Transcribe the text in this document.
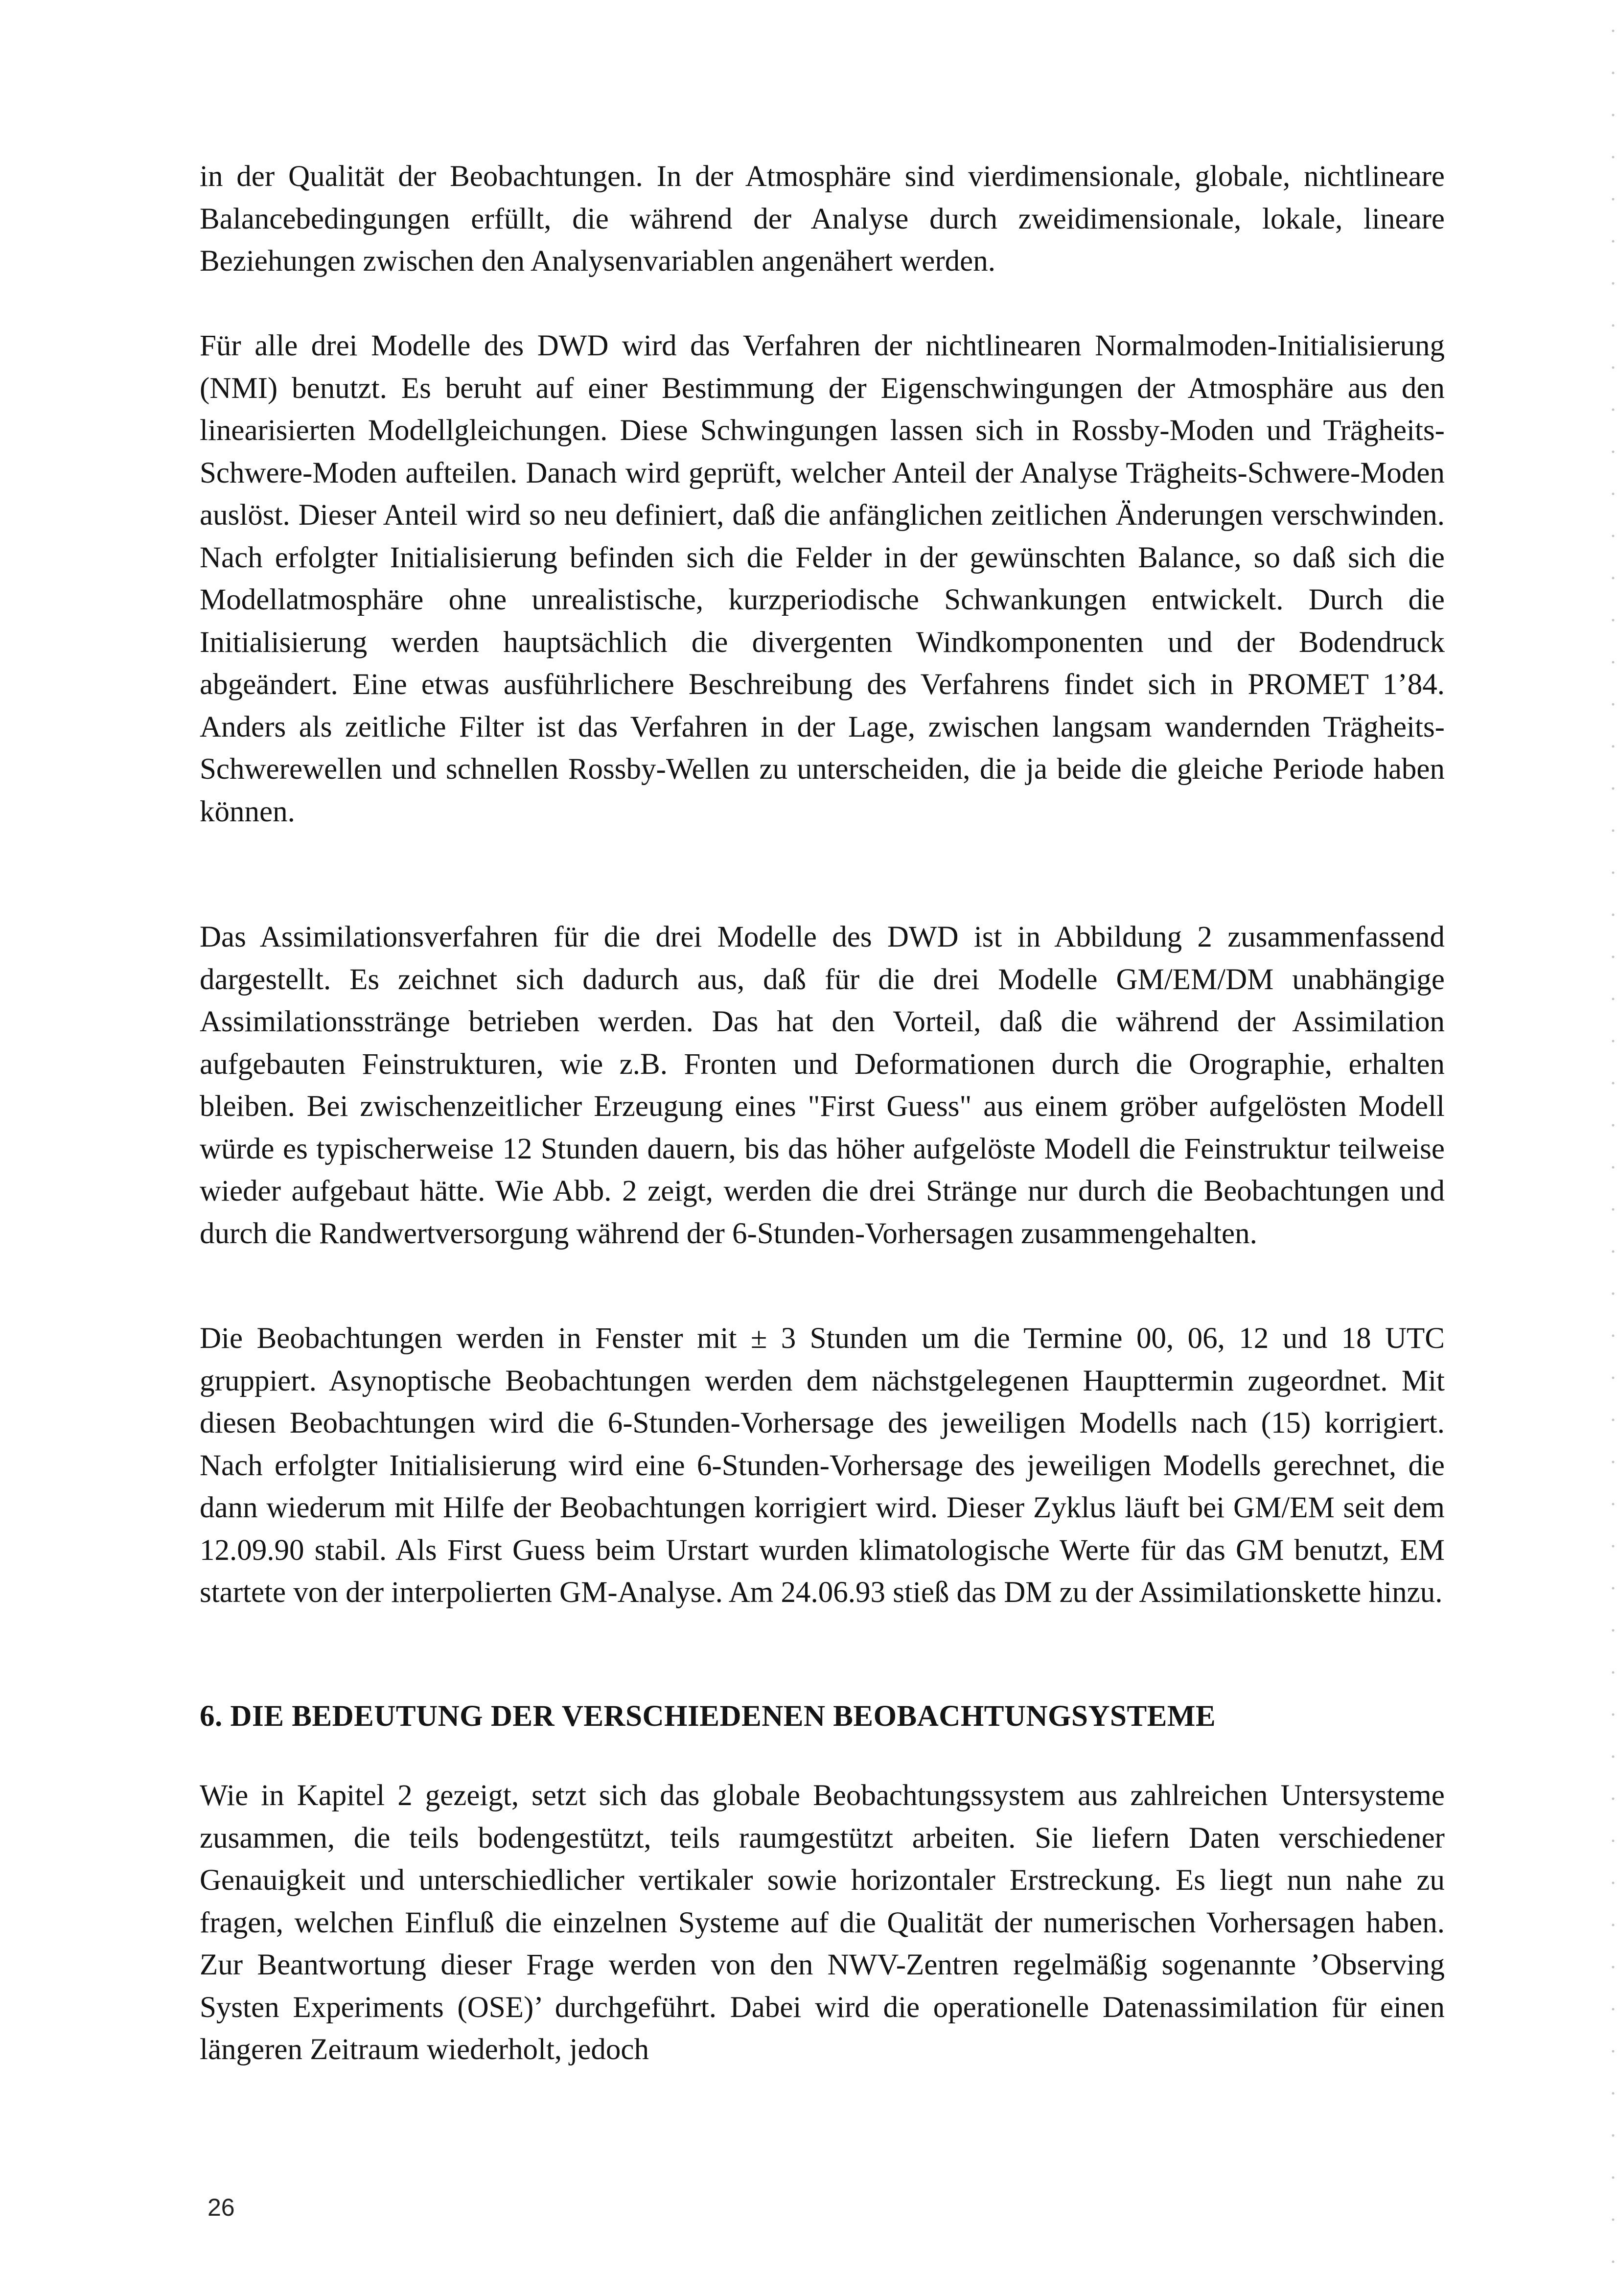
in der Qualität der Beobachtungen. In der Atmosphäre sind vierdimensionale, globale, nichtlineare Balancebedingungen erfüllt, die während der Analyse durch zweidimensionale, lokale, lineare Beziehungen zwischen den Analysenvariablen angenähert werden.

Für alle drei Modelle des DWD wird das Verfahren der nichtlinearen Normalmoden-Initialisierung (NMI) benutzt. Es beruht auf einer Bestimmung der Eigenschwingungen der Atmosphäre aus den linearisierten Modellgleichungen. Diese Schwingungen lassen sich in Rossby-Moden und Trägheits-Schwere-Moden aufteilen. Danach wird geprüft, welcher Anteil der Analyse Trägheits-Schwere-Moden auslöst. Dieser Anteil wird so neu definiert, daß die anfänglichen zeitlichen Änderungen verschwinden. Nach erfolgter Initialisierung befinden sich die Felder in der gewünschten Balance, so daß sich die Modellatmosphäre ohne unrealistische, kurzperiodische Schwankungen entwickelt. Durch die Initialisierung werden hauptsächlich die divergenten Windkomponenten und der Bodendruck abgeändert. Eine etwas ausführlichere Beschreibung des Verfahrens findet sich in PROMET 1’84. Anders als zeitliche Filter ist das Verfahren in der Lage, zwischen langsam wandernden Trägheits-Schwerewellen und schnellen Rossby-Wellen zu unterscheiden, die ja beide die gleiche Periode haben können.

Das Assimilationsverfahren für die drei Modelle des DWD ist in Abbildung 2 zusammenfassend dargestellt. Es zeichnet sich dadurch aus, daß für die drei Modelle GM/EM/DM unabhängige Assimilationsstränge betrieben werden. Das hat den Vorteil, daß die während der Assimilation aufgebauten Feinstrukturen, wie z.B. Fronten und Deformationen durch die Orographie, erhalten bleiben. Bei zwischenzeitlicher Erzeugung eines "First Guess" aus einem gröber aufgelösten Modell würde es typischerweise 12 Stunden dauern, bis das höher aufgelöste Modell die Feinstruktur teilweise wieder aufgebaut hätte. Wie Abb. 2 zeigt, werden die drei Stränge nur durch die Beobachtungen und durch die Randwertversorgung während der 6-Stunden-Vorhersagen zusammengehalten.

Die Beobachtungen werden in Fenster mit ± 3 Stunden um die Termine 00, 06, 12 und 18 UTC gruppiert. Asynoptische Beobachtungen werden dem nächstgelegenen Haupttermin zugeordnet. Mit diesen Beobachtungen wird die 6-Stunden-Vorhersage des jeweiligen Modells nach (15) korrigiert. Nach erfolgter Initialisierung wird eine 6-Stunden-Vorhersage des jeweiligen Modells gerechnet, die dann wiederum mit Hilfe der Beobachtungen korrigiert wird. Dieser Zyklus läuft bei GM/EM seit dem 12.09.90 stabil. Als First Guess beim Urstart wurden klimatologische Werte für das GM benutzt, EM startete von der interpolierten GM-Analyse. Am 24.06.93 stieß das DM zu der Assimilationskette hinzu.

6. DIE BEDEUTUNG DER VERSCHIEDENEN BEOBACHTUNGSYSTEME

Wie in Kapitel 2 gezeigt, setzt sich das globale Beobachtungssystem aus zahlreichen Untersysteme zusammen, die teils bodengestützt, teils raumgestützt arbeiten. Sie liefern Daten verschiedener Genauigkeit und unterschiedlicher vertikaler sowie horizontaler Erstreckung. Es liegt nun nahe zu fragen, welchen Einfluß die einzelnen Systeme auf die Qualität der numerischen Vorhersagen haben. Zur Beantwortung dieser Frage werden von den NWV-Zentren regelmäßig sogenannte ’Observing Systen Experiments (OSE)’ durchgeführt. Dabei wird die operationelle Datenassimilation für einen längeren Zeitraum wiederholt, jedoch

26
